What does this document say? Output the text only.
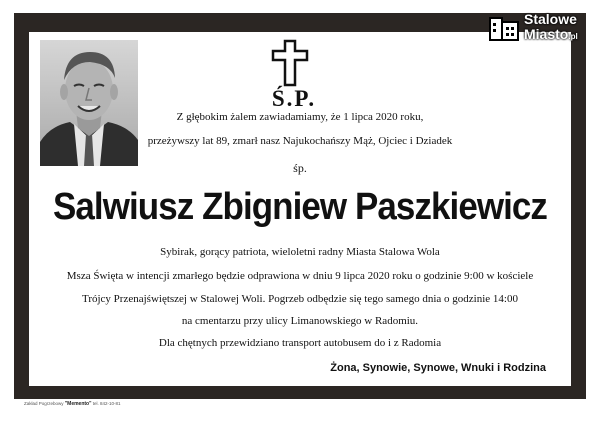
Stalowe
Miasto.pl
Ś.P.
Z głębokim żalem zawiadamiamy, że 1 lipca 2020 roku,
przeżywszy lat 89, zmarł nasz Najukochańszy Mąż, Ojciec i Dziadek
śp.
Salwiusz Zbigniew Paszkiewicz
Sybirak, gorący patriota, wieloletni radny Miasta Stalowa Wola
Msza Święta w intencji zmarłego będzie odprawiona w dniu 9 lipca 2020 roku o godzinie 9:00 w kościele
Trójcy Przenajświętszej w Stalowej Woli. Pogrzeb odbędzie się tego samego dnia o godzinie 14:00
na cmentarzu przy ulicy Limanowskiego w Radomiu.
Dla chętnych przewidziano transport autobusem do i z Radomia
Żona, Synowie, Synowe, Wnuki i Rodzina
Zakład Pogrzebowy "Memento" tel. 842-10-81
